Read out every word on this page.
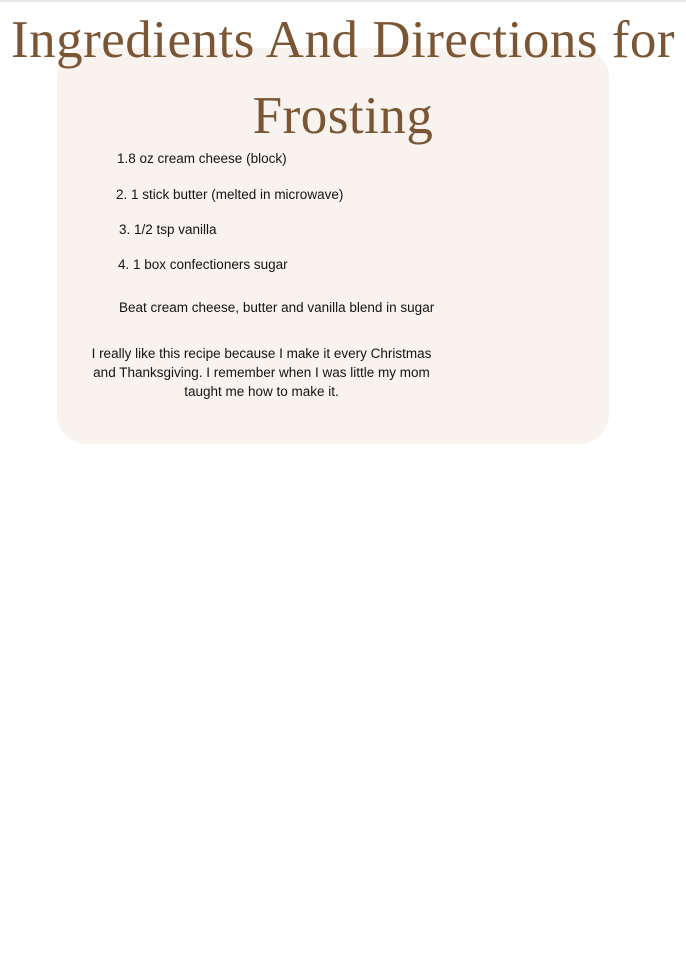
Ingredients And Directions for Frosting

1.8 oz cream cheese (block)

2. 1 stick butter (melted in microwave)

3. 1/2 tsp vanilla

4. 1 box confectioners sugar

Beat cream cheese, butter and vanilla blend in sugar

I really like this recipe because I make it every Christmas and Thanksgiving. I remember when I was little my mom taught me how to make it.
